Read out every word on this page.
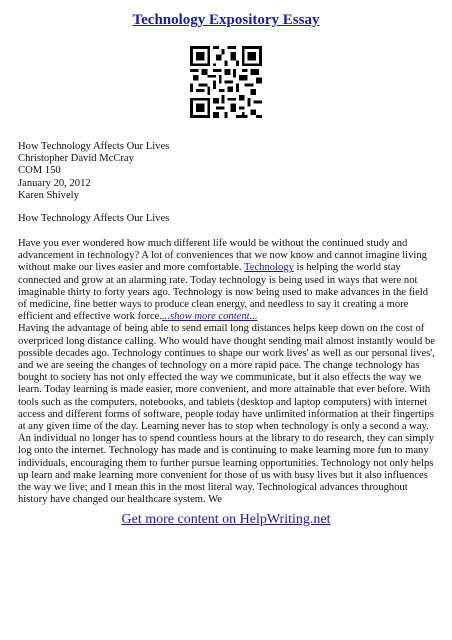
Technology Expository Essay
How Technology Affects Our Lives
Christopher David McCray
COM 150
January 20, 2012
Karen Shively
How Technology Affects Our Lives

Have you ever wondered how much different life would be without the continued study and advancement in technology? A lot of conveniences that we now know and cannot imagine living without make our lives easier and more comfortable. Technology is helping the world stay connected and grow at an alarming rate. Today technology is being used in ways that were not imaginable thirty to forty years ago. Technology is now being used to make advances in the field of medicine, fine better ways to produce clean energy, and needless to say it creating a more efficient and effective work force....show more content...

Having the advantage of being able to send email long distances helps keep down on the cost of overpriced long distance calling. Who would have thought sending mail almost instantly would be possible decades ago. Technology continues to shape our work lives' as well as our personal lives', and we are seeing the changes of technology on a more rapid pace. The change technology has bought to society has not only effected the way we communicate, but it also effects the way we learn. Today learning is made easier, more convenient, and more attainable that ever before. With tools such as the computers, notebooks, and tablets (desktop and laptop computers) with internet access and different forms of software, people today have unlimited information at their fingertips at any given time of the day. Learning never has to stop when technology is only a second a way. An individual no longer has to spend countless hours at the library to do research, they can simply log onto the internet. Technology has made and is continuing to make learning more fun to many individuals, encouraging them to further pursue learning opportunities. Technology not only helps up learn and make learning more convenient for those of us with busy lives but it also influences the way we live; and I mean this in the most literal way. Technological advances throughout history have changed our healthcare system. We

Get more content on HelpWriting.net
